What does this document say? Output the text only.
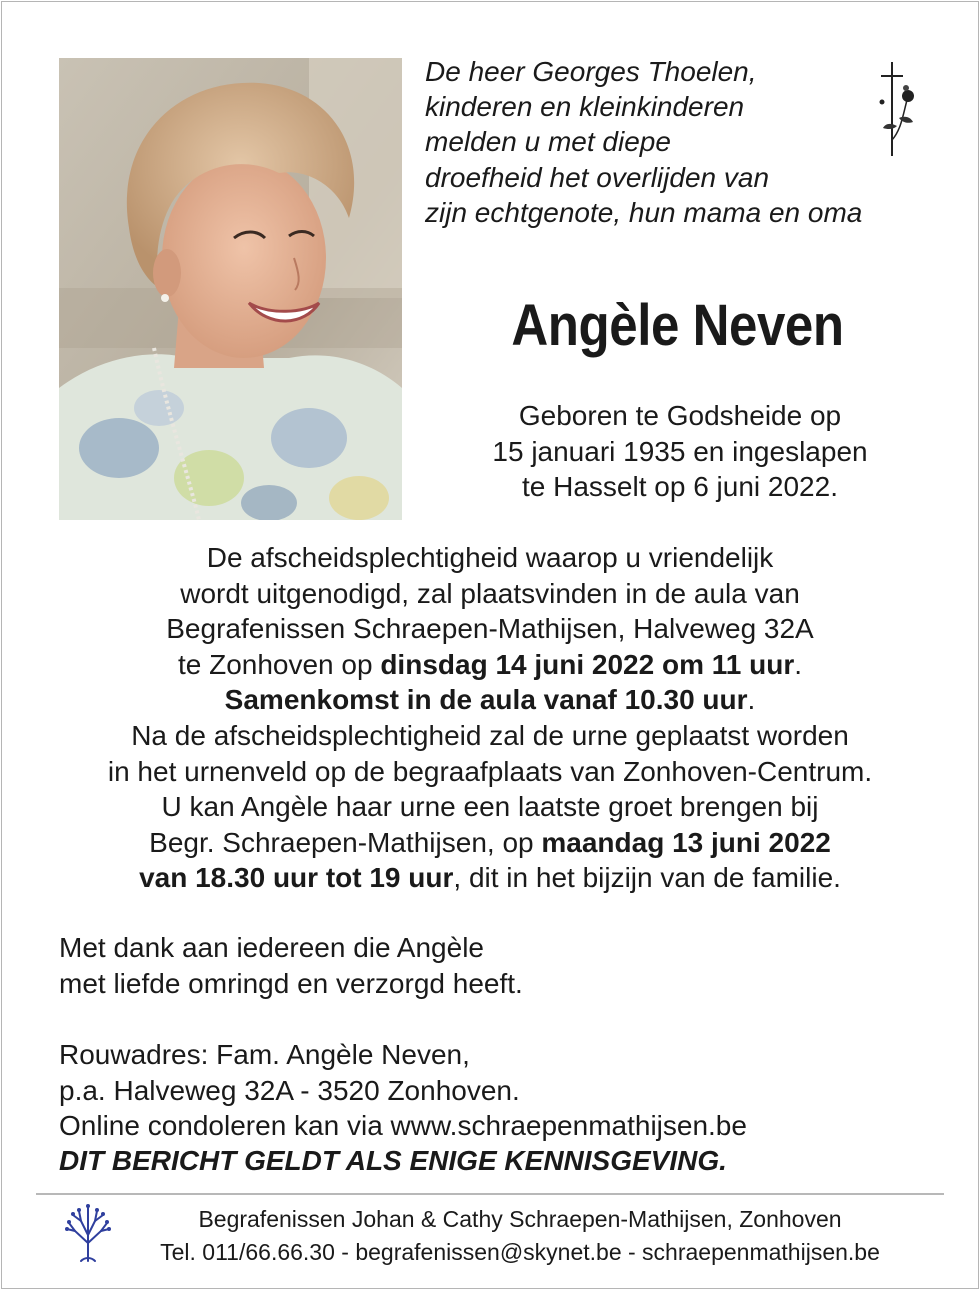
De heer Georges Thoelen,
kinderen en kleinkinderen
melden u met diepe
droefheid het overlijden van
zijn echtgenote, hun mama en oma
Angèle Neven
Geboren te Godsheide op
15 januari 1935 en ingeslapen
te Hasselt op 6 juni 2022.
De afscheidsplechtigheid waarop u vriendelijk
wordt uitgenodigd, zal plaatsvinden in de aula van
Begrafenissen Schraepen-Mathijsen, Halveweg 32A
te Zonhoven op dinsdag 14 juni 2022 om 11 uur.
Samenkomst in de aula vanaf 10.30 uur.
Na de afscheidsplechtigheid zal de urne geplaatst worden
in het urnenveld op de begraafplaats van Zonhoven-Centrum.
U kan Angèle haar urne een laatste groet brengen bij
Begr. Schraepen-Mathijsen, op maandag 13 juni 2022
van 18.30 uur tot 19 uur, dit in het bijzijn van de familie.
Met dank aan iedereen die Angèle
met liefde omringd en verzorgd heeft.
Rouwadres: Fam. Angèle Neven,
p.a. Halveweg 32A - 3520 Zonhoven.
Online condoleren kan via www.schraepenmathijsen.be
DIT BERICHT GELDT ALS ENIGE KENNISGEVING.
Begrafenissen Johan & Cathy Schraepen-Mathijsen, Zonhoven
Tel. 011/66.66.30 - begrafenissen@skynet.be - schraepenmathijsen.be
